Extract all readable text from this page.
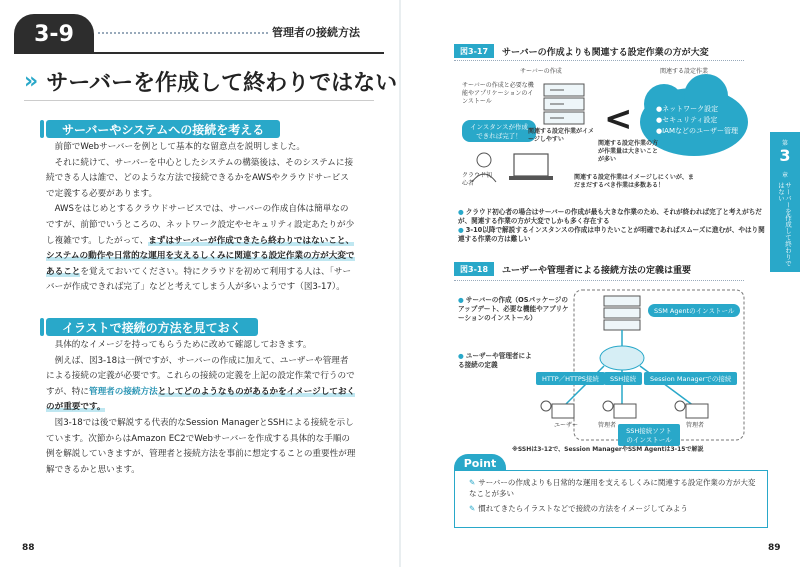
3-9	管理者の接続方法
» サーバーを作成して終わりではない
サーバーやシステムへの接続を考える

前節でWebサーバーを例として基本的な留意点を説明しました。

それに続けて、サーバーを中心としたシステムの構築後は、そのシステムに接続できる人は誰で、どのような方法で接続できるかをAWSやクラウドサービスで定義する必要があります。

AWSをはじめとするクラウドサービスでは、サーバーの作成自体は簡単なのですが、前節でいうところの、ネットワーク設定やセキュリティ設定あたりが少し複雑です。したがって、まずはサーバーが作成できたら終わりではないこと、システムの動作や日常的な運用を支えるしくみに関連する設定作業の方が大変であることを覚えておいてください。特にクラウドを初めて利用する人は、「サーバーが作成できれば完了」などと考えてしまう人が多いようです（図3-17）。

イラストで接続の方法を見ておく

具体的なイメージを持ってもらうために改めて確認しておきます。

例えば、図3-18は一例ですが、サーバーの作成に加えて、ユーザーや管理者による接続の定義が必要です。これらの接続の定義を上記の設定作業で行うのですが、特に管理者の接続方法としてどのようなものがあるかをイメージしておくのが重要です。

図3-18では後で解説する代表的なSession ManagerとSSHによる接続を示しています。次節からはAmazon EC2でWebサーバーを作成する具体的な手順の例を解説していきますが、管理者と接続方法を事前に想定することの重要性が理解できるかと思います。

88
図3-17	サーバーの作成よりも関連する設定作業の方が大変
<
サーバーの作成	関連する設定作業
サーバーの作成と必要な機能やアプリケーションのインストール
インスタンスが作成できれば完了！
クラウド初心者
関連する設定作業がイメージしやすい
関連する設定作業の方が作業量は大きいことが多い
関連する設定作業はイメージしにくいが、まだまだするべき作業は多数ある！
●ネットワーク設定
●セキュリティ設定
●IAMなどのユーザー管理
● クラウド初心者の場合はサーバーの作成が最も大きな作業のため、それが終われば完了と考えがちだが、関連する作業の方が大変でしかも多く存在する
● 3-10以降で解説するインスタンスの作成は申りたいことが明確であればスムーズに進むが、やはり関連する作業の方は難しい
図3-18	ユーザーや管理者による接続方法の定義は重要
● サーバーの作成（OSパッケージのアップデート、必要な機能やアプリケーションのインストール）
● ユーザーや管理者による接続の定義
SSM Agentのインストール
HTTP／HTTPS接続	SSH接続	Session Managerでの接続
ユーザー	管理者	管理者
SSH接続ソフトのインストール
※SSHは3-12で、Session ManagerやSSM Agentは3-15で解説
Point
✎ サーバーの作成よりも日常的な運用を支えるしくみに関連する設定作業の方が大変なことが多い
✎ 慣れてきたらイラストなどで接続の方法をイメージしてみよう
第
3
章
サーバーを作成して終わりではない
89
